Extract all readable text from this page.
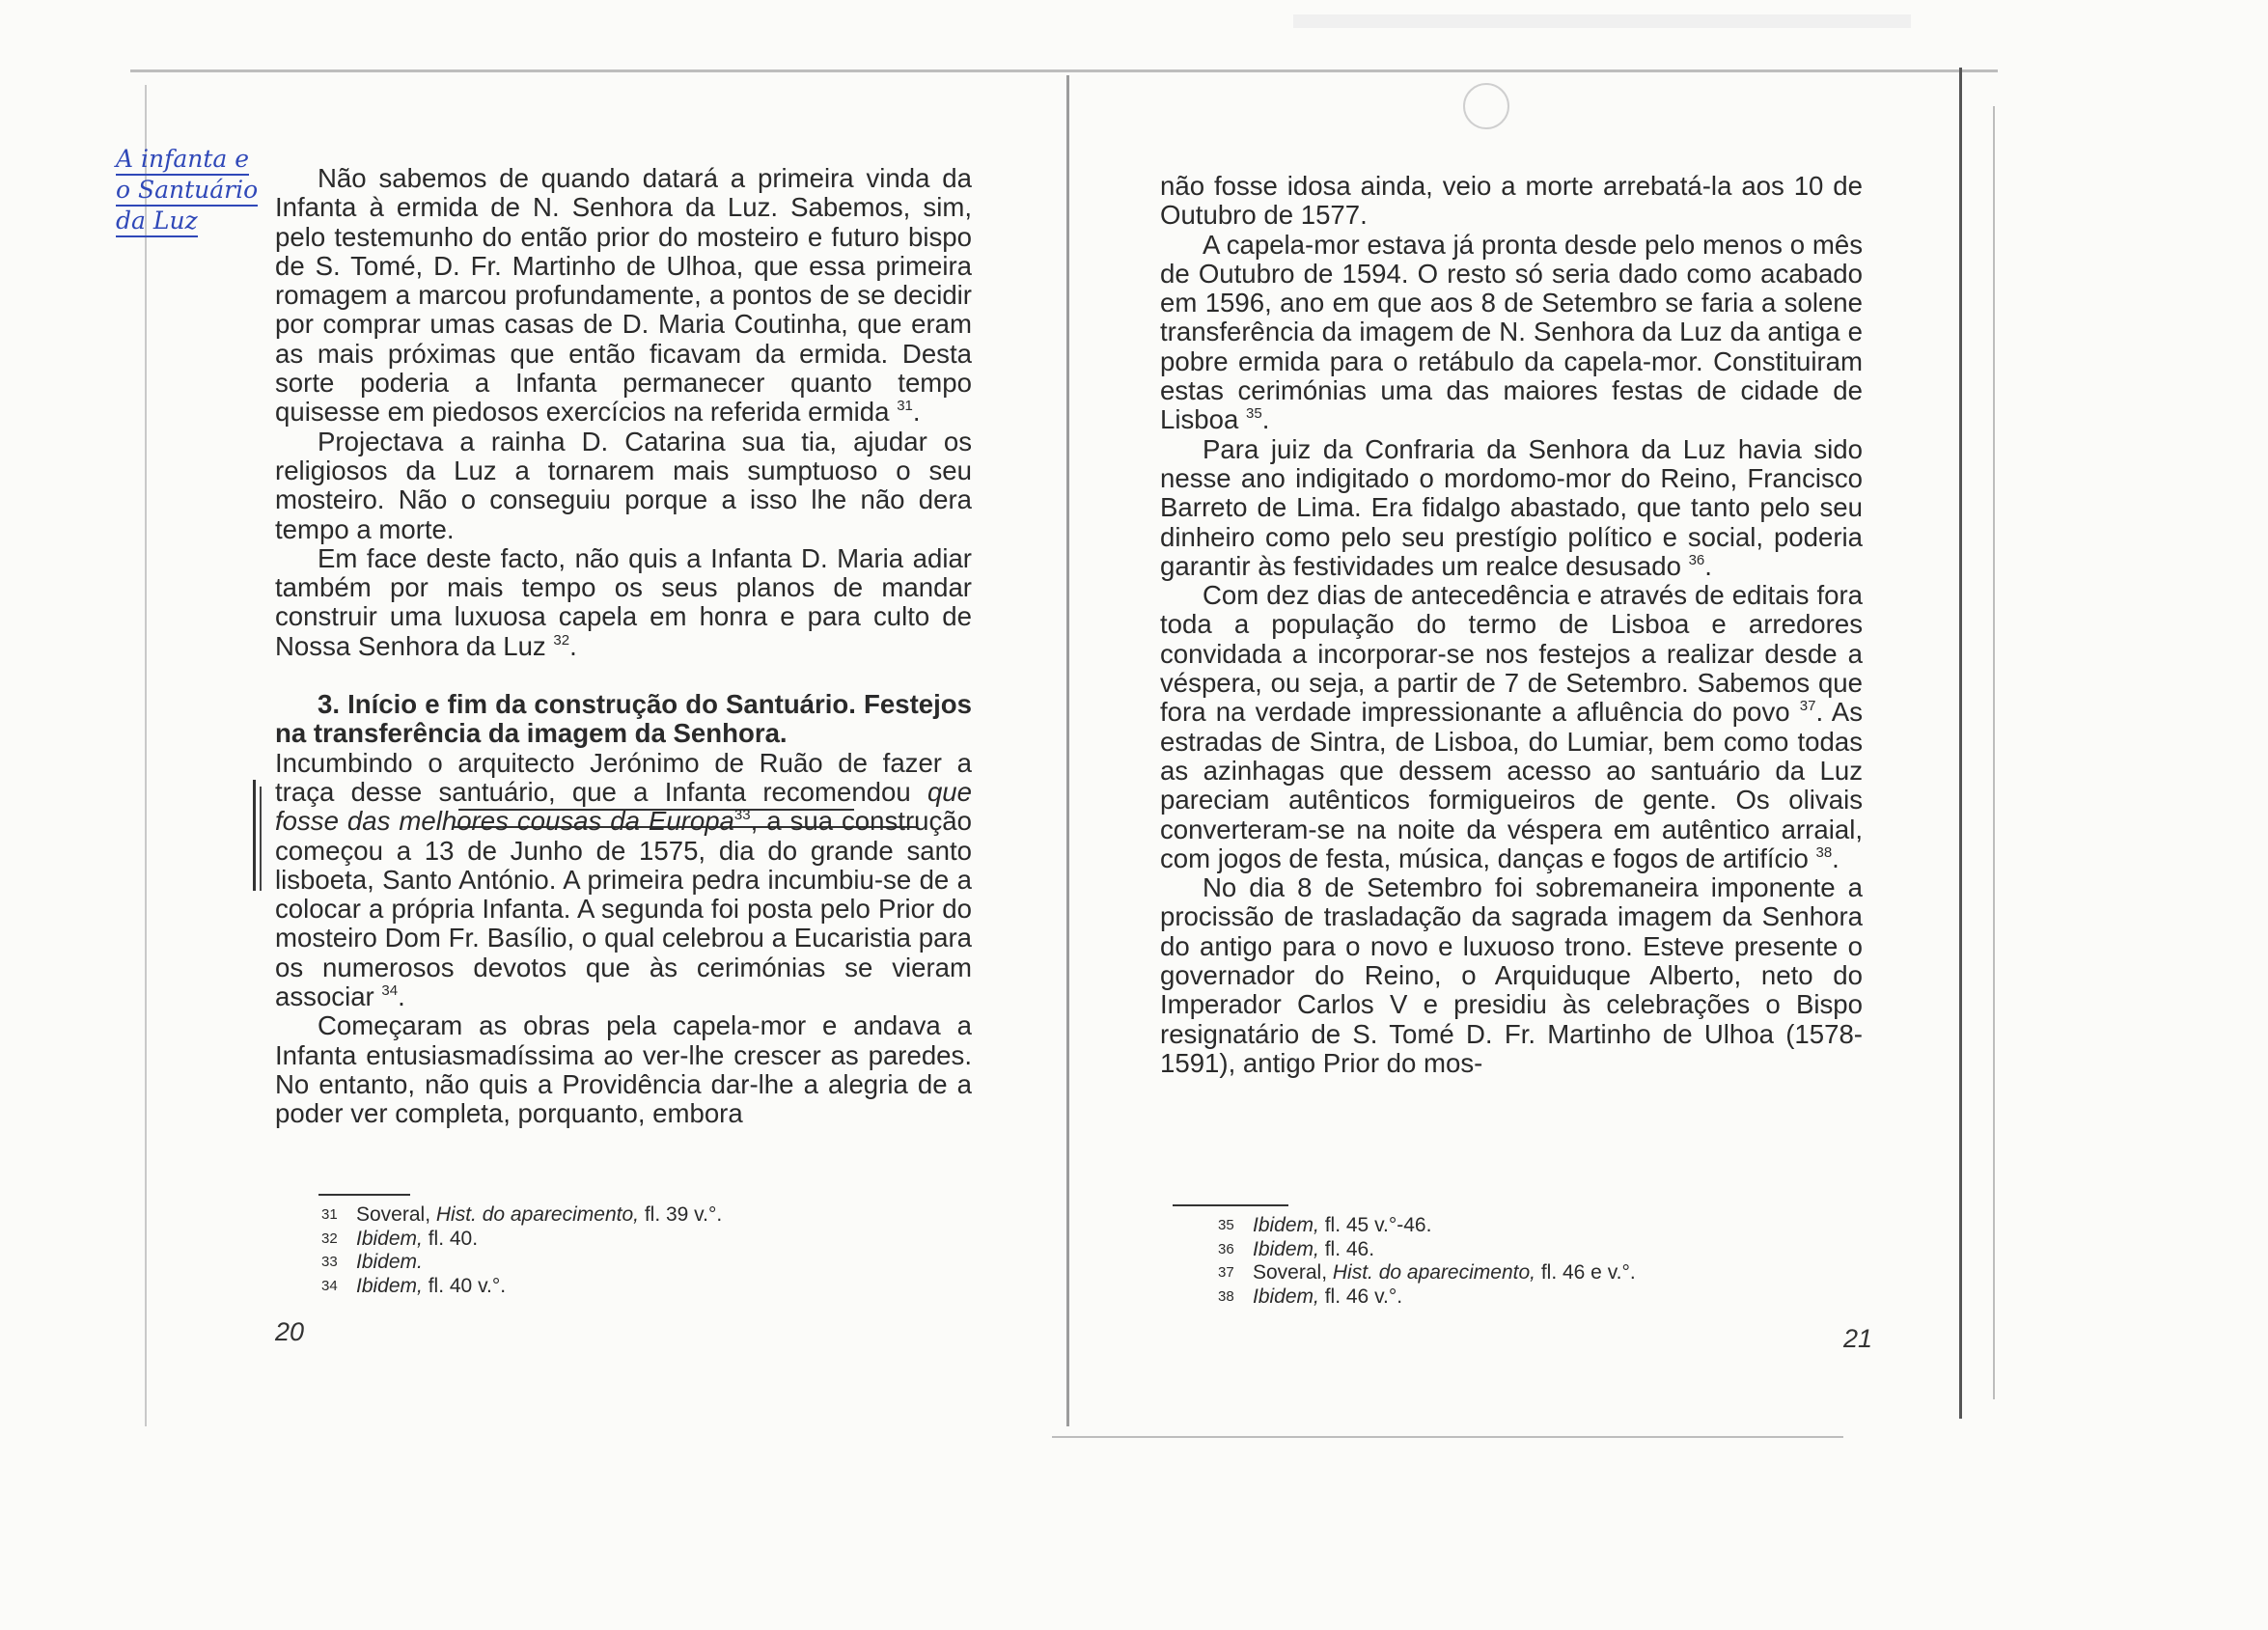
A infanta e o Santuário da Luz

Não sabemos de quando datará a primeira vinda da Infanta à ermida de N. Senhora da Luz. Sabemos, sim, pelo testemunho do então prior do mosteiro e futuro bispo de S. Tomé, D. Fr. Martinho de Ulhoa, que essa primeira romagem a marcou profundamente, a pontos de se decidir por comprar umas casas de D. Maria Coutinha, que eram as mais próximas que então ficavam da ermida. Desta sorte poderia a Infanta permanecer quanto tempo quisesse em piedosos exercícios na referida ermida $^{31}$.

Projectava a rainha D. Catarina sua tia, ajudar os religiosos da Luz a tornarem mais sumptuoso o seu mosteiro. Não o conseguiu porque a isso lhe não dera tempo a morte.

Em face deste facto, não quis a Infanta D. Maria adiar também por mais tempo os seus planos de mandar construir uma luxuosa capela em honra e para culto de Nossa Senhora da Luz $^{32}$.

3. Início e fim da construção do Santuário. Festejos na transferência da imagem da Senhora.

Incumbindo o arquitecto Jerónimo de Ruão de fazer a traça desse santuário, que a Infanta recomendou que fosse das melhores cousas da Europa$^{33}$, a sua construção começou a 13 de Junho de 1575, dia do grande santo lisboeta, Santo António. A primeira pedra incumbiu-se de a colocar a própria Infanta. A segunda foi posta pelo Prior do mosteiro Dom Fr. Basílio, o qual celebrou a Eucaristia para os numerosos devotos que às cerimónias se vieram associar $^{34}$.

Começaram as obras pela capela-mor e andava a Infanta entusiasmadíssima ao ver-lhe crescer as paredes. No entanto, não quis a Providência dar-lhe a alegria de a poder ver completa, porquanto, embora

31 Soveral, Hist. do aparecimento, fl. 39 v.°.
32 Ibidem, fl. 40.
33 Ibidem.
34 Ibidem, fl. 40 v.°.
20

não fosse idosa ainda, veio a morte arrebatá-la aos 10 de Outubro de 1577.

A capela-mor estava já pronta desde pelo menos o mês de Outubro de 1594. O resto só seria dado como acabado em 1596, ano em que aos 8 de Setembro se faria a solene transferência da imagem de N. Senhora da Luz da antiga e pobre ermida para o retábulo da capela-mor. Constituiram estas cerimónias uma das maiores festas de cidade de Lisboa $^{35}$.

Para juiz da Confraria da Senhora da Luz havia sido nesse ano indigitado o mordomo-mor do Reino, Francisco Barreto de Lima. Era fidalgo abastado, que tanto pelo seu dinheiro como pelo seu prestígio político e social, poderia garantir às festividades um realce desusado $^{36}$.

Com dez dias de antecedência e através de editais fora toda a população do termo de Lisboa e arredores convidada a incorporar-se nos festejos a realizar desde a véspera, ou seja, a partir de 7 de Setembro. Sabemos que fora na verdade impressionante a afluência do povo $^{37}$. As estradas de Sintra, de Lisboa, do Lumiar, bem como todas as azinhagas que dessem acesso ao santuário da Luz pareciam autênticos formigueiros de gente. Os olivais converteram-se na noite da véspera em autêntico arraial, com jogos de festa, música, danças e fogos de artifício $^{38}$.

No dia 8 de Setembro foi sobremaneira imponente a procissão de trasladação da sagrada imagem da Senhora do antigo para o novo e luxuoso trono. Esteve presente o governador do Reino, o Arquiduque Alberto, neto do Imperador Carlos V e presidiu às celebrações o Bispo resignatário de S. Tomé D. Fr. Martinho de Ulhoa (1578-1591), antigo Prior do mos-

35 Ibidem, fl. 45 v.°-46.
36 Ibidem, fl. 46.
37 Soveral, Hist. do aparecimento, fl. 46 e v.°.
38 Ibidem, fl. 46 v.°.
21
